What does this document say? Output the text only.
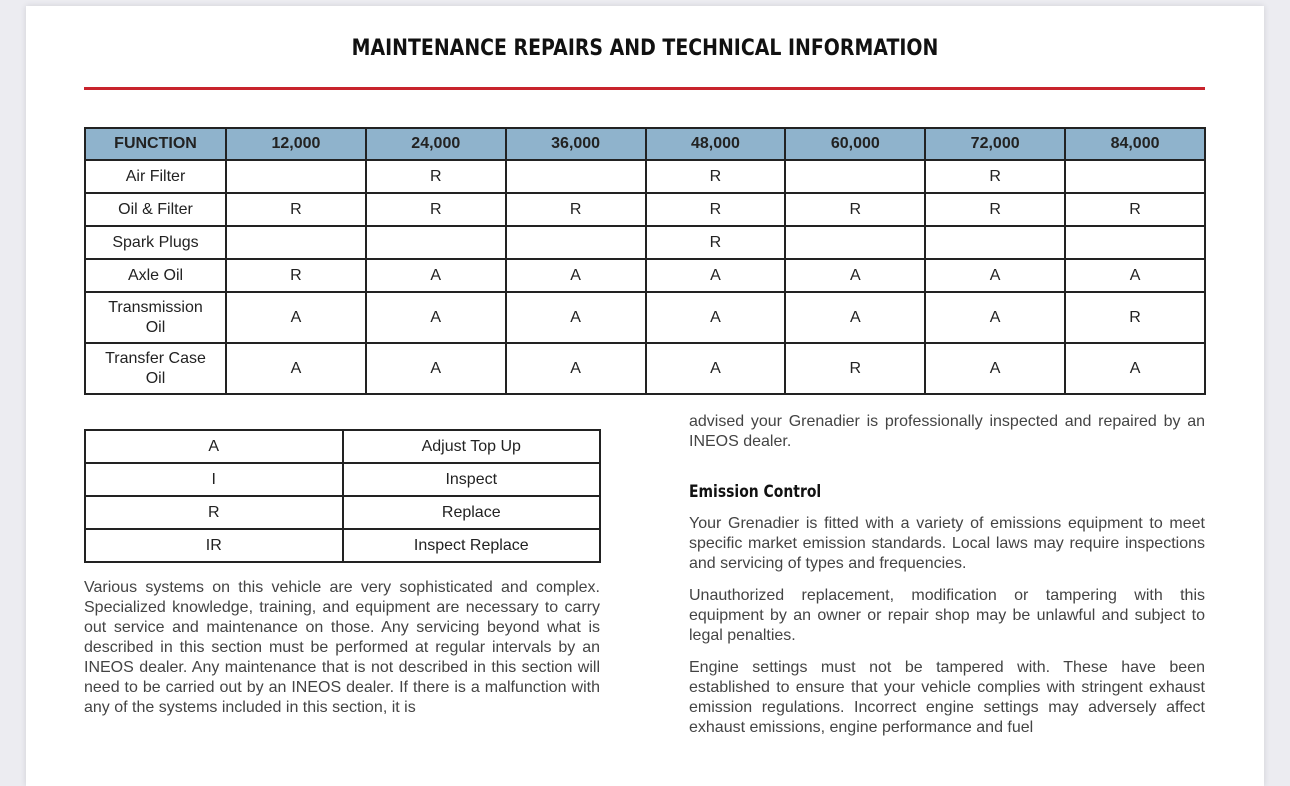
MAINTENANCE REPAIRS AND TECHNICAL INFORMATION
FUNCTION	12,000	24,000	36,000	48,000	60,000	72,000	84,000
Air Filter		R		R		R	
Oil & Filter	R	R	R	R	R	R	R
Spark Plugs				R			
Axle Oil	R	A	A	A	A	A	A
Transmission Oil	A	A	A	A	A	A	R
Transfer Case Oil	A	A	A	A	R	A	A
A	Adjust Top Up
I	Inspect
R	Replace
IR	Inspect Replace

Various systems on this vehicle are very sophisticated and complex. Specialized knowledge, training, and equipment are necessary to carry out service and maintenance on those. Any servicing beyond what is described in this section must be performed at regular intervals by an INEOS dealer. Any maintenance that is not described in this section will need to be carried out by an INEOS dealer. If there is a malfunction with any of the systems included in this section, it is

advised your Grenadier is professionally inspected and repaired by an INEOS dealer.

Emission Control

Your Grenadier is fitted with a variety of emissions equipment to meet specific market emission standards. Local laws may require inspections and servicing of types and frequencies.

Unauthorized replacement, modification or tampering with this equipment by an owner or repair shop may be unlawful and subject to legal penalties.

Engine settings must not be tampered with. These have been established to ensure that your vehicle complies with stringent exhaust emission regulations. Incorrect engine settings may adversely affect exhaust emissions, engine performance and fuel
